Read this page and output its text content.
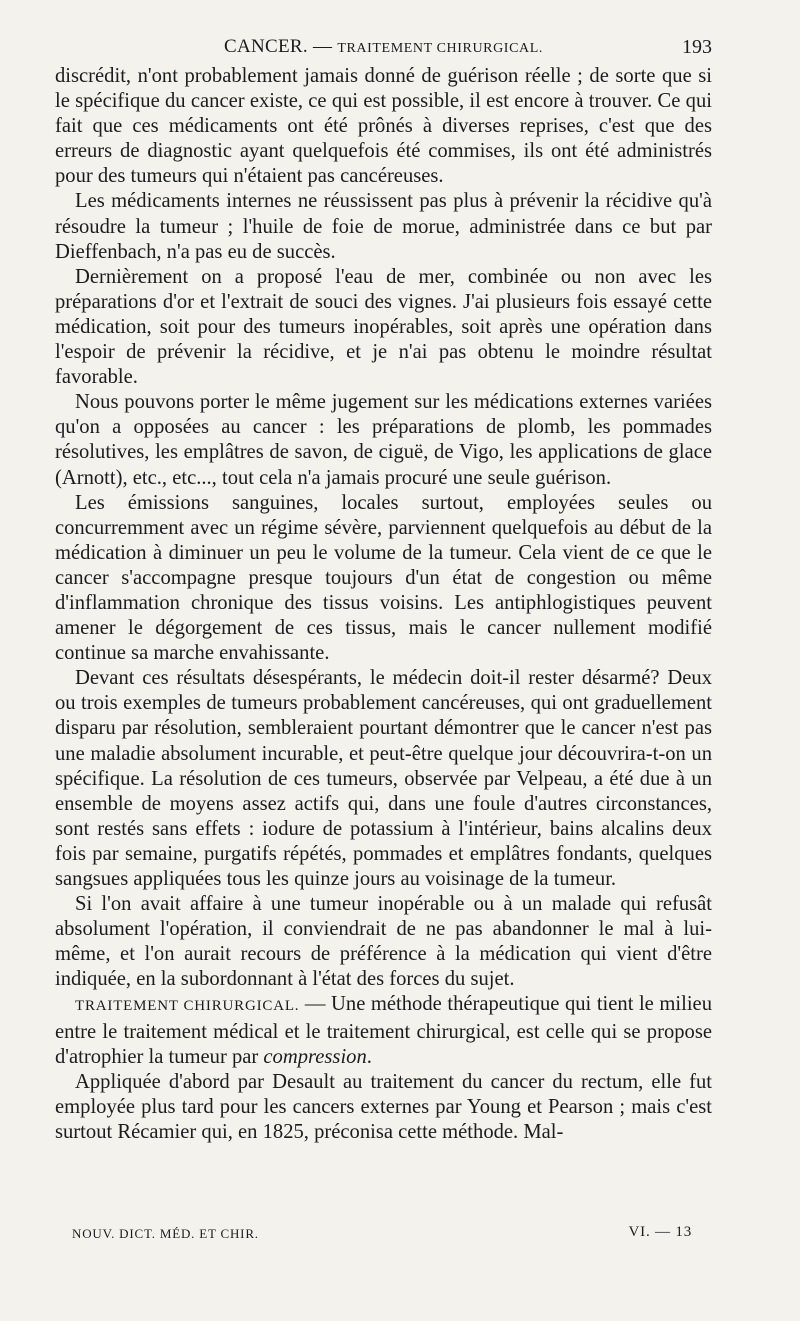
CANCER. — TRAITEMENT CHIRURGICAL.	193

discrédit, n'ont probablement jamais donné de guérison réelle ; de sorte que si le spécifique du cancer existe, ce qui est possible, il est encore à trouver. Ce qui fait que ces médicaments ont été prônés à diverses reprises, c'est que des erreurs de diagnostic ayant quelquefois été commises, ils ont été administrés pour des tumeurs qui n'étaient pas cancéreuses.

Les médicaments internes ne réussissent pas plus à prévenir la récidive qu'à résoudre la tumeur ; l'huile de foie de morue, administrée dans ce but par Dieffenbach, n'a pas eu de succès.

Dernièrement on a proposé l'eau de mer, combinée ou non avec les préparations d'or et l'extrait de souci des vignes. J'ai plusieurs fois essayé cette médication, soit pour des tumeurs inopérables, soit après une opération dans l'espoir de prévenir la récidive, et je n'ai pas obtenu le moindre résultat favorable.

Nous pouvons porter le même jugement sur les médications externes variées qu'on a opposées au cancer : les préparations de plomb, les pommades résolutives, les emplâtres de savon, de ciguë, de Vigo, les applications de glace (Arnott), etc., etc..., tout cela n'a jamais procuré une seule guérison.

Les émissions sanguines, locales surtout, employées seules ou concurremment avec un régime sévère, parviennent quelquefois au début de la médication à diminuer un peu le volume de la tumeur. Cela vient de ce que le cancer s'accompagne presque toujours d'un état de congestion ou même d'inflammation chronique des tissus voisins. Les antiphlogistiques peuvent amener le dégorgement de ces tissus, mais le cancer nullement modifié continue sa marche envahissante.

Devant ces résultats désespérants, le médecin doit-il rester désarmé? Deux ou trois exemples de tumeurs probablement cancéreuses, qui ont graduellement disparu par résolution, sembleraient pourtant démontrer que le cancer n'est pas une maladie absolument incurable, et peut-être quelque jour découvrira-t-on un spécifique. La résolution de ces tumeurs, observée par Velpeau, a été due à un ensemble de moyens assez actifs qui, dans une foule d'autres circonstances, sont restés sans effets : iodure de potassium à l'intérieur, bains alcalins deux fois par semaine, purgatifs répétés, pommades et emplâtres fondants, quelques sangsues appliquées tous les quinze jours au voisinage de la tumeur.

Si l'on avait affaire à une tumeur inopérable ou à un malade qui refusât absolument l'opération, il conviendrait de ne pas abandonner le mal à lui-même, et l'on aurait recours de préférence à la médication qui vient d'être indiquée, en la subordonnant à l'état des forces du sujet.

TRAITEMENT CHIRURGICAL. — Une méthode thérapeutique qui tient le milieu entre le traitement médical et le traitement chirurgical, est celle qui se propose d'atrophier la tumeur par compression.

Appliquée d'abord par Desault au traitement du cancer du rectum, elle fut employée plus tard pour les cancers externes par Young et Pearson ; mais c'est surtout Récamier qui, en 1825, préconisa cette méthode. Mal-

NOUV. DICT. MÉD. ET CHIR.	VI. — 13
